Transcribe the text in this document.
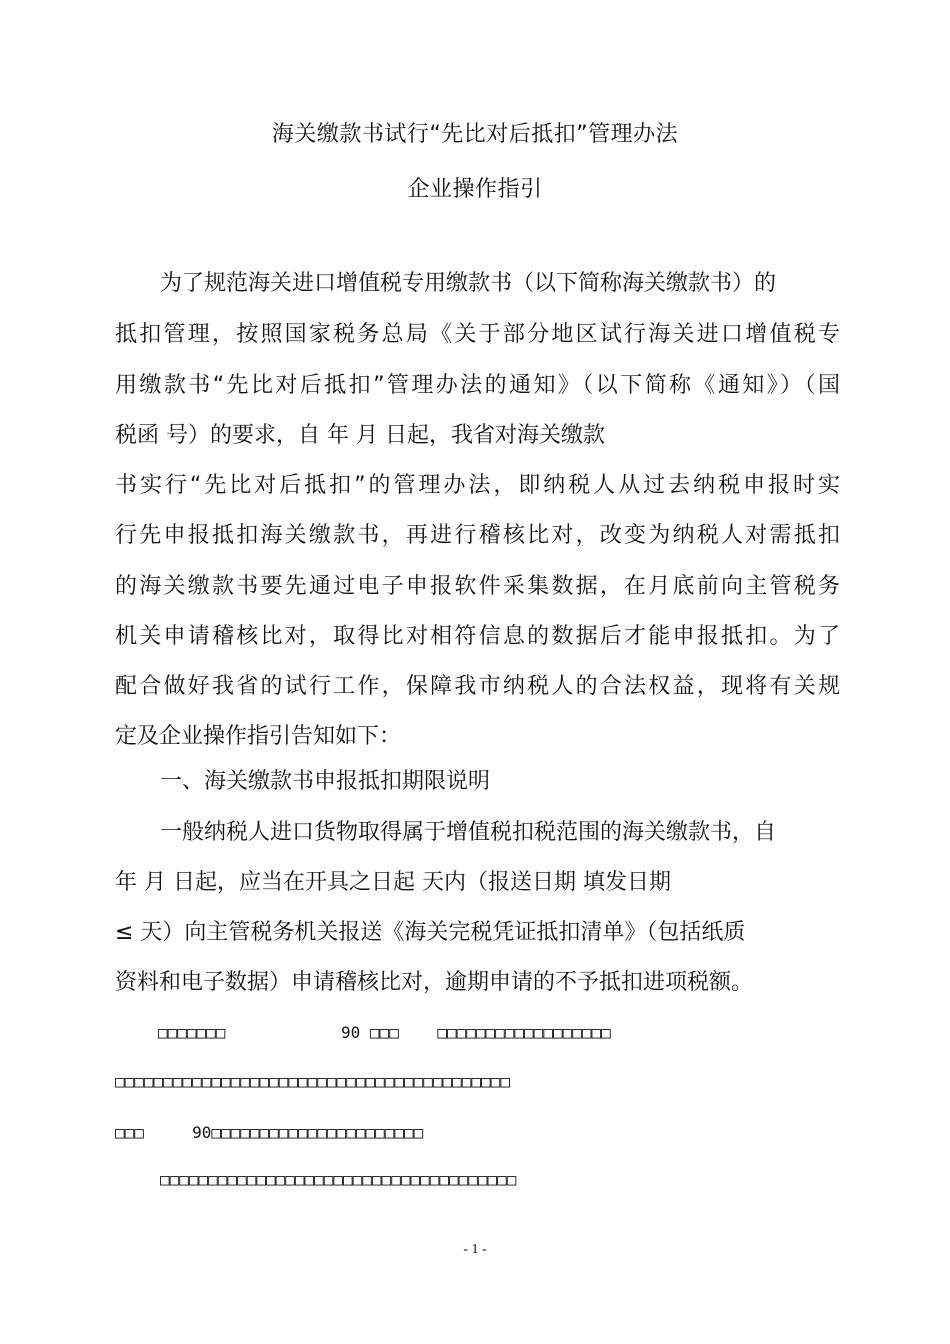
海关缴款书试行“先比对后抵扣”管理办法
企业操作指引
为了规范海关进口增值税专用缴款书（以下简称海关缴款书）的
抵扣管理，按照国家税务总局《关于部分地区试行海关进口增值税专
用缴款书“先比对后抵扣”管理办法的通知》（以下简称《通知》）（国
税函 号）的要求，自 年 月 日起，我省对海关缴款
书实行“先比对后抵扣”的管理办法，即纳税人从过去纳税申报时实
行先申报抵扣海关缴款书，再进行稽核比对，改变为纳税人对需抵扣
的海关缴款书要先通过电子申报软件采集数据，在月底前向主管税务
机关申请稽核比对，取得比对相符信息的数据后才能申报抵扣。为了
配合做好我省的试行工作，保障我市纳税人的合法权益，现将有关规
定及企业操作指引告知如下：
一、海关缴款书申报抵扣期限说明
一般纳税人进口货物取得属于增值税扣税范围的海关缴款书，自
年 月 日起，应当在开具之日起 天内（报送日期 填发日期
≤ 天）向主管税务机关报送《海关完税凭证抵扣清单》（包括纸质
资料和电子数据）申请稽核比对，逾期申请的不予抵扣进项税额。
□□□□□□□            90 □□□    □□□□□□□□□□□□□□□□□□
□□□□□□□□□□□□□□□□□□□□□□□□□□□□□□□□□□□□□□□□□
□□□     90□□□□□□□□□□□□□□□□□□□□□□
□□□□□□□□□□□□□□□□□□□□□□□□□□□□□□□□□□□□□
- 1 -
